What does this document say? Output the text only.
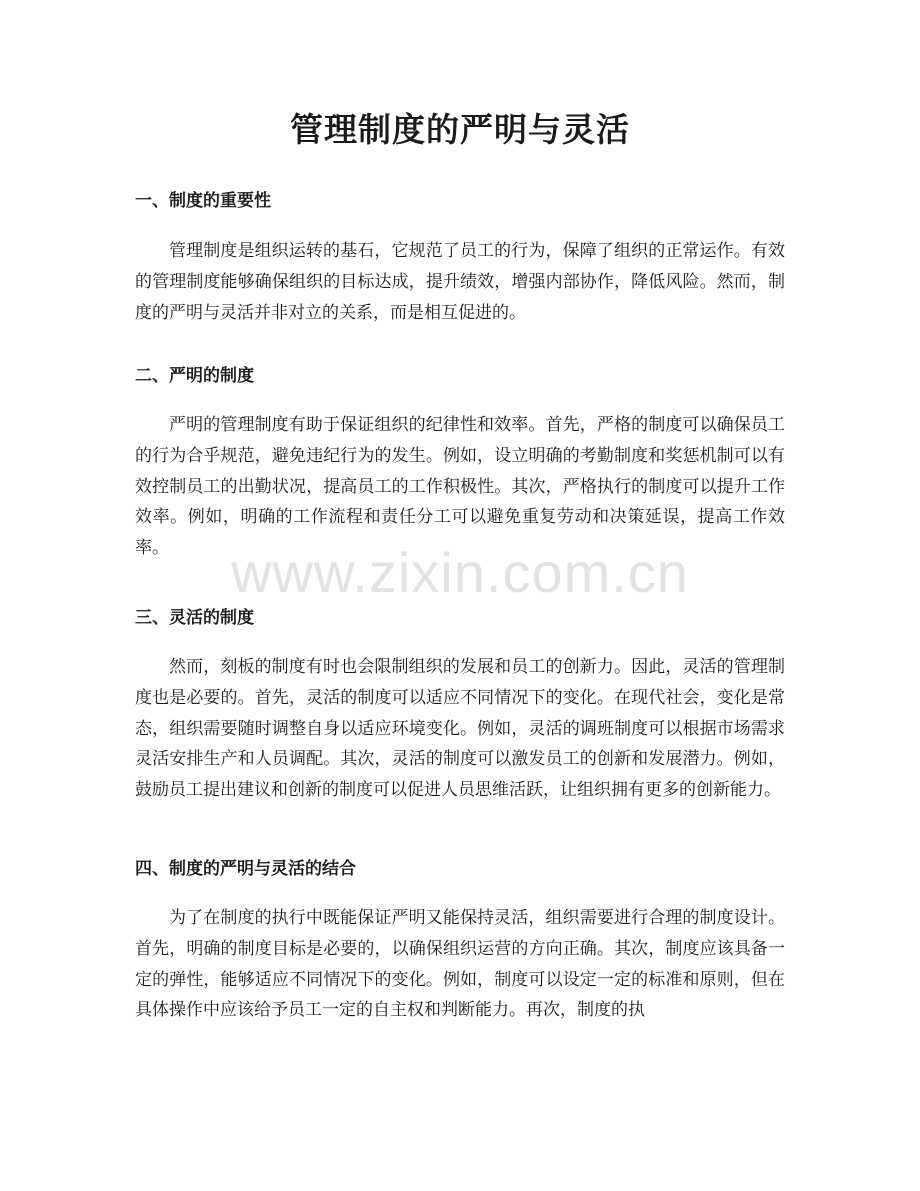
管理制度的严明与灵活
一、制度的重要性

管理制度是组织运转的基石，它规范了员工的行为，保障了组织的正常运作。有效的管理制度能够确保组织的目标达成，提升绩效，增强内部协作，降低风险。然而，制度的严明与灵活并非对立的关系，而是相互促进的。

二、严明的制度

严明的管理制度有助于保证组织的纪律性和效率。首先，严格的制度可以确保员工的行为合乎规范，避免违纪行为的发生。例如，设立明确的考勤制度和奖惩机制可以有效控制员工的出勤状况，提高员工的工作积极性。其次，严格执行的制度可以提升工作效率。例如，明确的工作流程和责任分工可以避免重复劳动和决策延误，提高工作效率。	www.zixin.com.cn
三、灵活的制度

然而，刻板的制度有时也会限制组织的发展和员工的创新力。因此，灵活的管理制度也是必要的。首先，灵活的制度可以适应不同情况下的变化。在现代社会，变化是常态，组织需要随时调整自身以适应环境变化。例如，灵活的调班制度可以根据市场需求灵活安排生产和人员调配。其次，灵活的制度可以激发员工的创新和发展潜力。例如，鼓励员工提出建议和创新的制度可以促进人员思维活跃，让组织拥有更多的创新能力。

四、制度的严明与灵活的结合

为了在制度的执行中既能保证严明又能保持灵活，组织需要进行合理的制度设计。首先，明确的制度目标是必要的，以确保组织运营的方向正确。其次，制度应该具备一定的弹性，能够适应不同情况下的变化。例如，制度可以设定一定的标准和原则，但在具体操作中应该给予员工一定的自主权和判断能力。再次，制度的执
